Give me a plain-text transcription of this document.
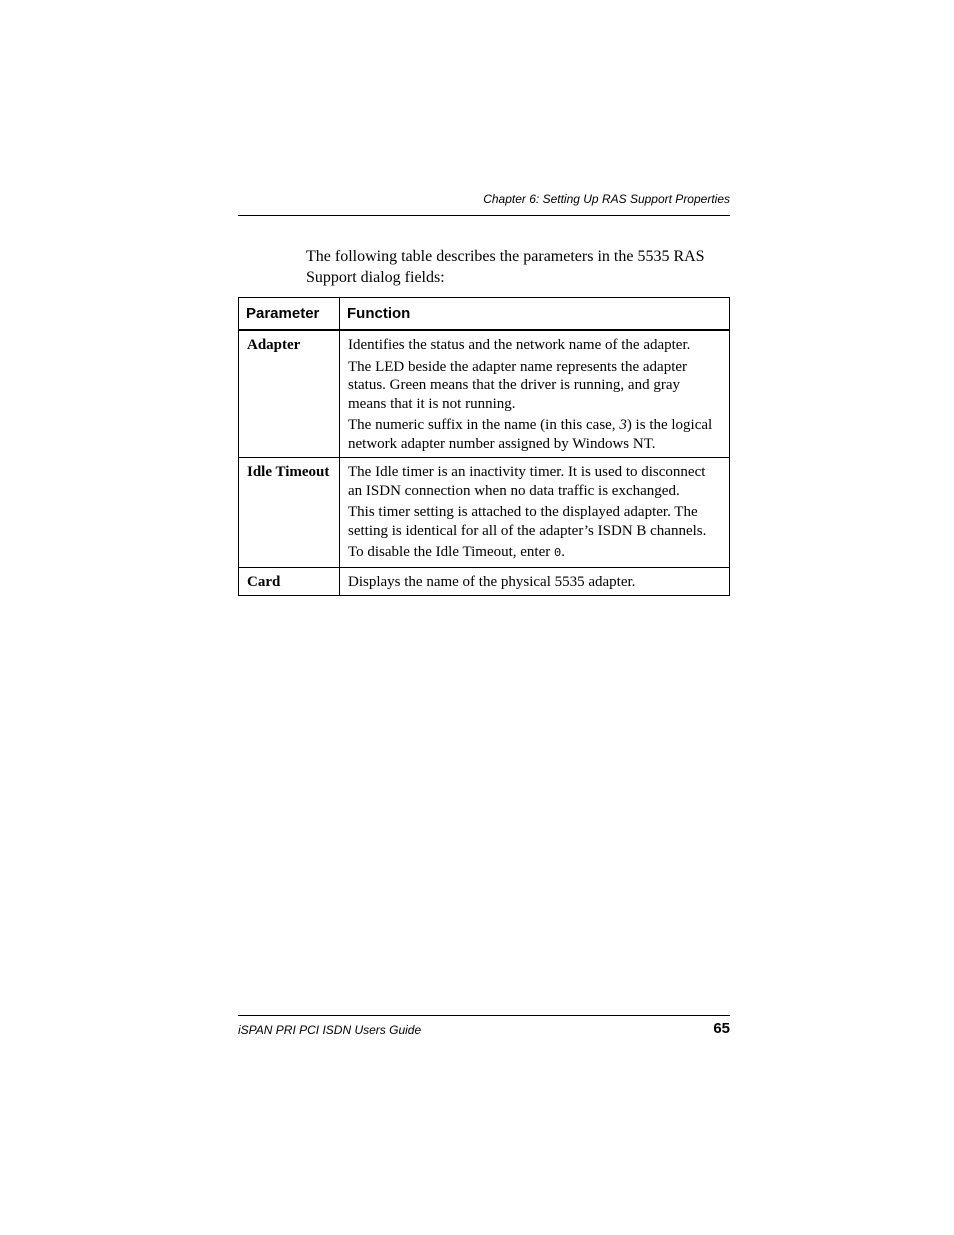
Chapter 6: Setting Up RAS Support Properties

The following table describes the parameters in the 5535 RAS Support dialog fields:

Parameter	Function
Adapter	Identifies the status and the network name of the adapter.

The LED beside the adapter name represents the adapter status. Green means that the driver is running, and gray means that it is not running.

The numeric suffix in the name (in this case, 3) is the logical network adapter number assigned by Windows NT.

Idle Timeout	The Idle timer is an inactivity timer. It is used to disconnect an ISDN connection when no data traffic is exchanged.

This timer setting is attached to the displayed adapter. The setting is identical for all of the adapter’s ISDN B channels.

To disable the Idle Timeout, enter 0.

Card	Displays the name of the physical 5535 adapter.

iSPAN PRI PCI ISDN Users Guide	65
